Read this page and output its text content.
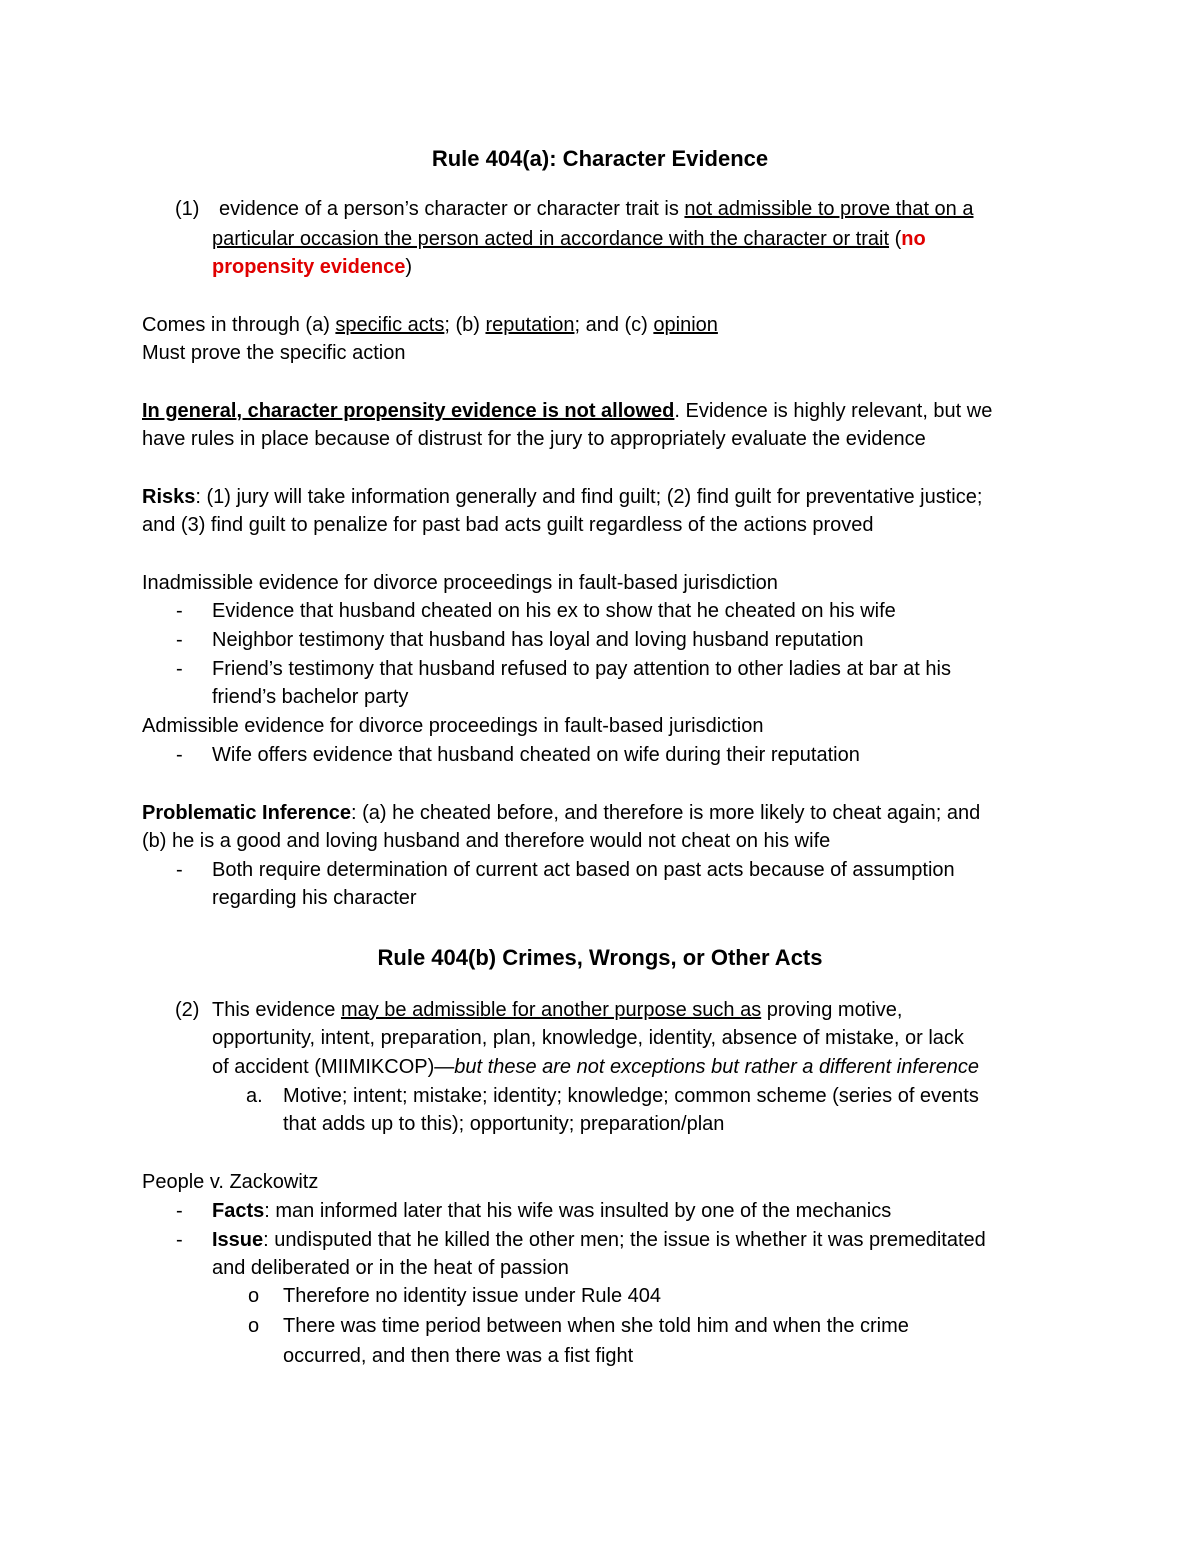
Rule 404(a): Character Evidence
(1) evidence of a person’s character or character trait is not admissible to prove that on a
particular occasion the person acted in accordance with the character or trait (no
propensity evidence)
Comes in through (a) specific acts; (b) reputation; and (c) opinion
Must prove the specific action
In general, character propensity evidence is not allowed. Evidence is highly relevant, but we
have rules in place because of distrust for the jury to appropriately evaluate the evidence
Risks: (1) jury will take information generally and find guilt; (2) find guilt for preventative justice;
and (3) find guilt to penalize for past bad acts guilt regardless of the actions proved
Inadmissible evidence for divorce proceedings in fault-based jurisdiction
- Evidence that husband cheated on his ex to show that he cheated on his wife
- Neighbor testimony that husband has loyal and loving husband reputation
- Friend’s testimony that husband refused to pay attention to other ladies at bar at his
friend’s bachelor party
Admissible evidence for divorce proceedings in fault-based jurisdiction
- Wife offers evidence that husband cheated on wife during their reputation
Problematic Inference: (a) he cheated before, and therefore is more likely to cheat again; and
(b) he is a good and loving husband and therefore would not cheat on his wife
- Both require determination of current act based on past acts because of assumption
regarding his character
Rule 404(b) Crimes, Wrongs, or Other Acts
(2) This evidence may be admissible for another purpose such as proving motive,
opportunity, intent, preparation, plan, knowledge, identity, absence of mistake, or lack
of accident (MIIMIKCOP)—but these are not exceptions but rather a different inference
a. Motive; intent; mistake; identity; knowledge; common scheme (series of events
that adds up to this); opportunity; preparation/plan
People v. Zackowitz
- Facts: man informed later that his wife was insulted by one of the mechanics
- Issue: undisputed that he killed the other men; the issue is whether it was premeditated
and deliberated or in the heat of passion
o Therefore no identity issue under Rule 404
o There was time period between when she told him and when the crime
occurred, and then there was a fist fight
